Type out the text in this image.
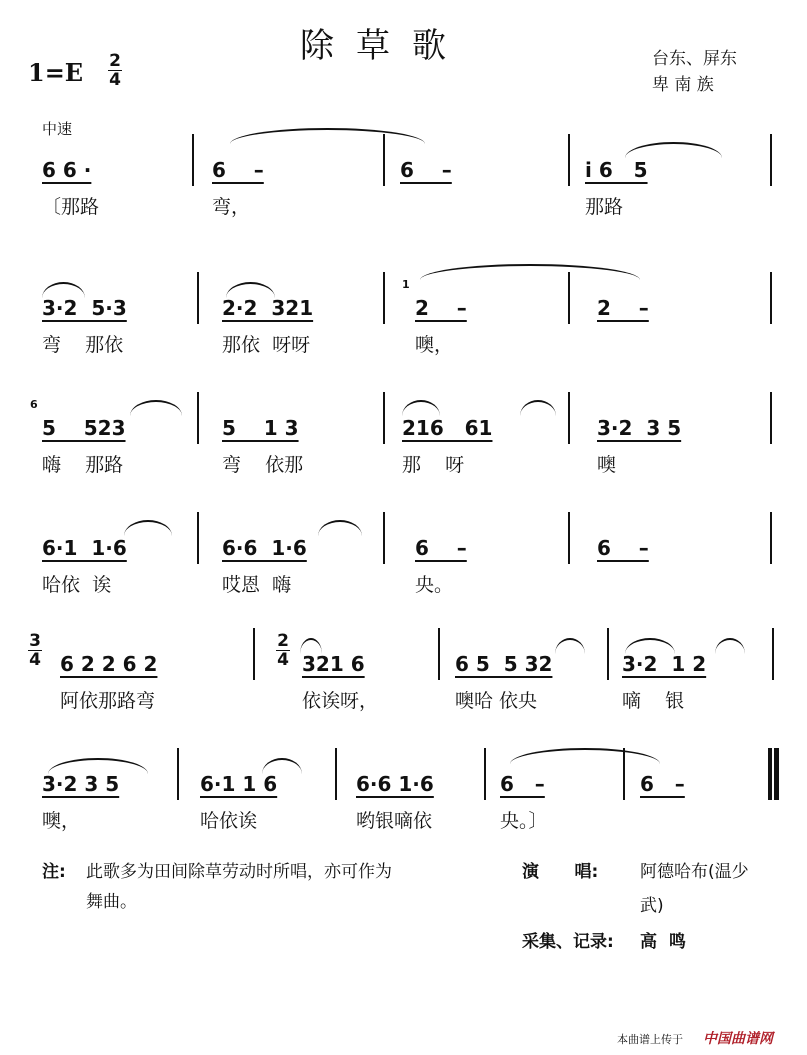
除草歌
$1=E \frac{2}{4}$	台东、屏东
卑 南 族
中速
6 6 ·
〔那路
6    –
弯，
6    –	i 6   5
那路
3·2  5·3
弯    那依
2·2  321
那依  呀呀
2    –
噢，
2    –
5    523
嗨    那路
5    1 3
弯    依那
216   61
那    呀
3·2  3 5
噢
6·1  1·6
哈依  诶
6·6  1·6
哎恩  嗨
6    –
央。
6    –
6 2 2 6 2
阿依那路弯
321 6
依诶呀，
6 5  5 32
噢哈 依央
3·2  1 2
嘀    银
3·2 3 5
噢，
6·1 1 6
哈依诶
6·6 1·6
哟银嘀依
6   –
央。〕
6   –
$\frac{3}{4}$	$\frac{2}{4}$
1
6
注: 此歌多为田间除草劳动时所唱，亦可作为
舞曲。
演      唱: 阿德哈布(温少
武)
采集、记录: 高  鸣
本曲谱上传于 中国曲谱网
